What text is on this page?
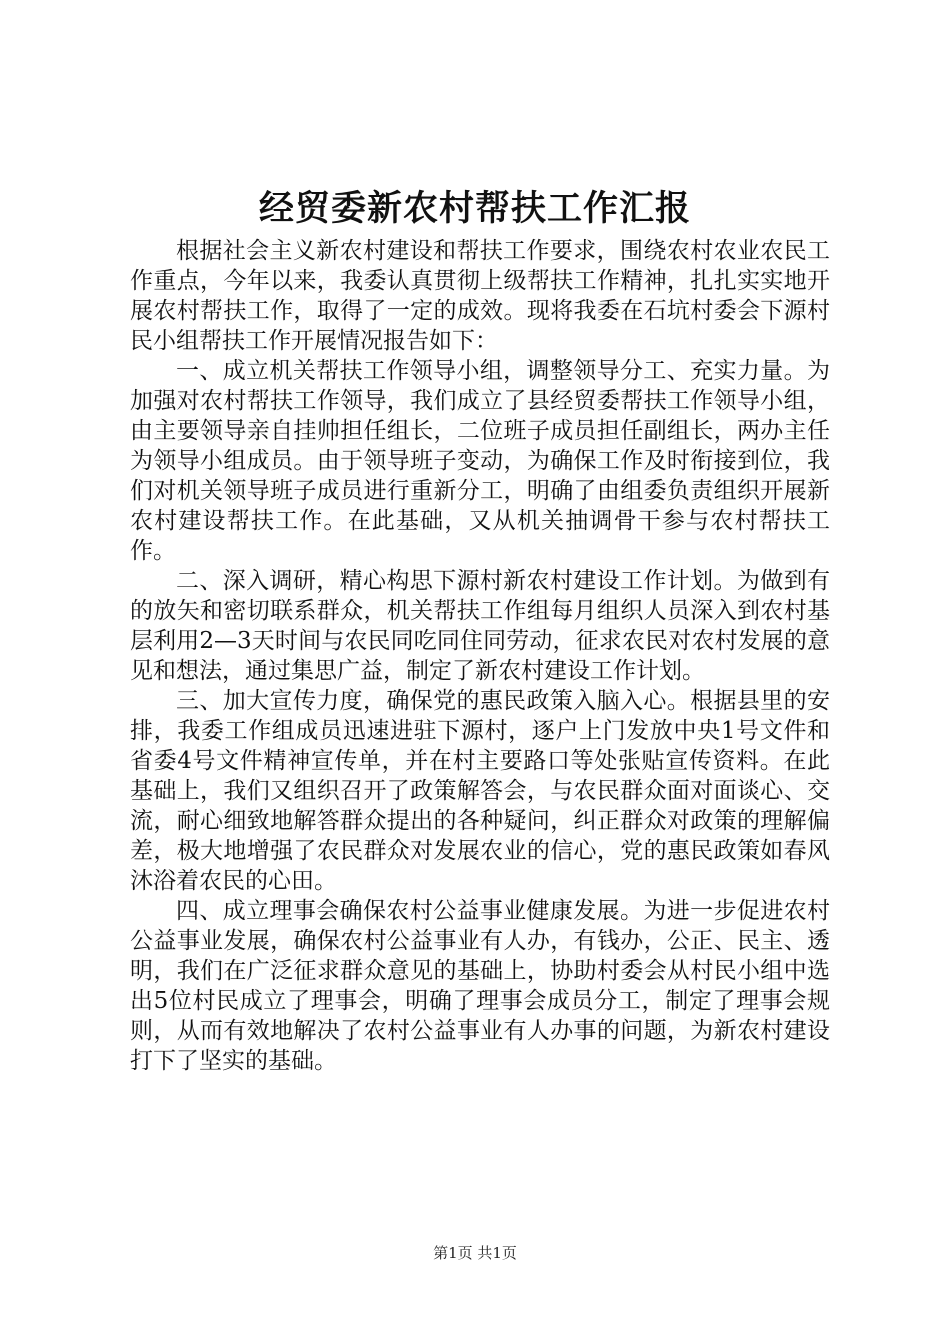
经贸委新农村帮扶工作汇报

根据社会主义新农村建设和帮扶工作要求，围绕农村农业农民工作重点，今年以来，我委认真贯彻上级帮扶工作精神，扎扎实实地开展农村帮扶工作，取得了一定的成效。现将我委在石坑村委会下源村民小组帮扶工作开展情况报告如下：

一、成立机关帮扶工作领导小组，调整领导分工、充实力量。为加强对农村帮扶工作领导，我们成立了县经贸委帮扶工作领导小组，由主要领导亲自挂帅担任组长，二位班子成员担任副组长，两办主任为领导小组成员。由于领导班子变动，为确保工作及时衔接到位，我们对机关领导班子成员进行重新分工，明确了由组委负责组织开展新农村建设帮扶工作。在此基础，又从机关抽调骨干参与农村帮扶工作。

二、深入调研，精心构思下源村新农村建设工作计划。为做到有的放矢和密切联系群众，机关帮扶工作组每月组织人员深入到农村基层利用2—3天时间与农民同吃同住同劳动，征求农民对农村发展的意见和想法，通过集思广益，制定了新农村建设工作计划。

三、加大宣传力度，确保党的惠民政策入脑入心。根据县里的安排，我委工作组成员迅速进驻下源村，逐户上门发放中央1号文件和省委4号文件精神宣传单，并在村主要路口等处张贴宣传资料。在此基础上，我们又组织召开了政策解答会，与农民群众面对面谈心、交流，耐心细致地解答群众提出的各种疑问，纠正群众对政策的理解偏差，极大地增强了农民群众对发展农业的信心，党的惠民政策如春风沐浴着农民的心田。

四、成立理事会确保农村公益事业健康发展。为进一步促进农村公益事业发展，确保农村公益事业有人办，有钱办，公正、民主、透明，我们在广泛征求群众意见的基础上，协助村委会从村民小组中选出5位村民成立了理事会，明确了理事会成员分工，制定了理事会规则，从而有效地解决了农村公益事业有人办事的问题，为新农村建设打下了坚实的基础。

第1页 共1页
